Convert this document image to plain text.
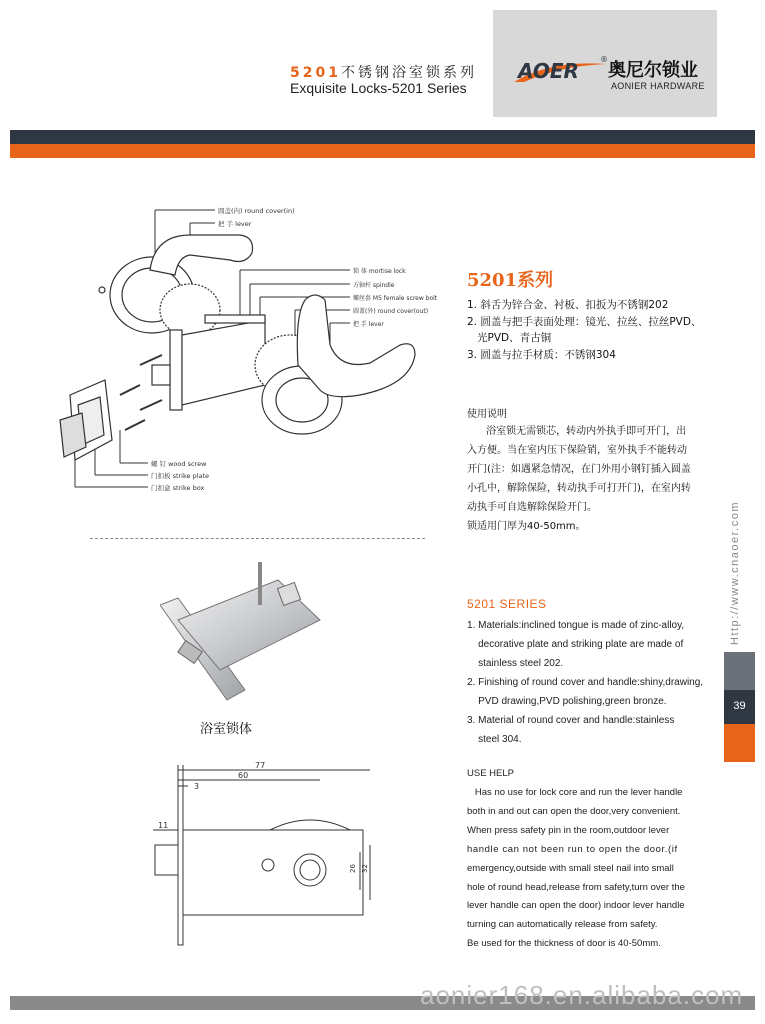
5201不锈钢浴室锁系列
Exquisite Locks-5201 Series
AOER	®
奥尼尔锁业
AONIER HARDWARE
圆盖(内) round cover(in)
把 手 lever
锁 体 mortise lock
方轴杆 spindle
螺丝套 M5 female screw bolt
圆盖(外) round cover(out)
把 手 lever
螺 钉 wood screw
门扣板 strike plate
门扣盒 strike box
浴室锁体
77
60
3
11
26 32
5201系列
1. 斜舌为锌合金、衬板、扣扳为不锈钢202
2. 圆盖与把手表面处理：镜光、拉丝、拉丝PVD、
光PVD、青古铜
3. 圆盖与拉手材质：不锈钢304
使用说明
浴室锁无需锁芯，转动内外执手即可开门，出
入方便。当在室内压下保险销，室外执手不能转动
开门(注：如遇紧急情况，在门外用小钢钉插入圆盖
小孔中，解除保险，转动执手可打开门)，在室内转
动执手可自选解除保险开门。
锁适用门厚为40-50mm。
5201 SERIES
1. Materials:inclined tongue is made of zinc-alloy,
decorative plate and striking plate are made of
stainless steel 202.
2. Finishing of round cover and handle:shiny,drawing,
PVD drawing,PVD polishing,green bronze.
3. Material of round cover and handle:stainless
steel 304.
USE HELP
Has no use for lock core and run the lever handle
both in and out can open the door,very convenient.
When press safety pin in the room,outdoor lever
handle can not been run to open the door.(if
emergency,outside with small steel nail into small
hole of round head,release from safety,turn over the
lever handle can open the door) indoor lever handle
turning can automatically release from safety.
Be used for the thickness of door is 40-50mm.
Http://www.cnaoer.com
39
aonier168.en.alibaba.com
